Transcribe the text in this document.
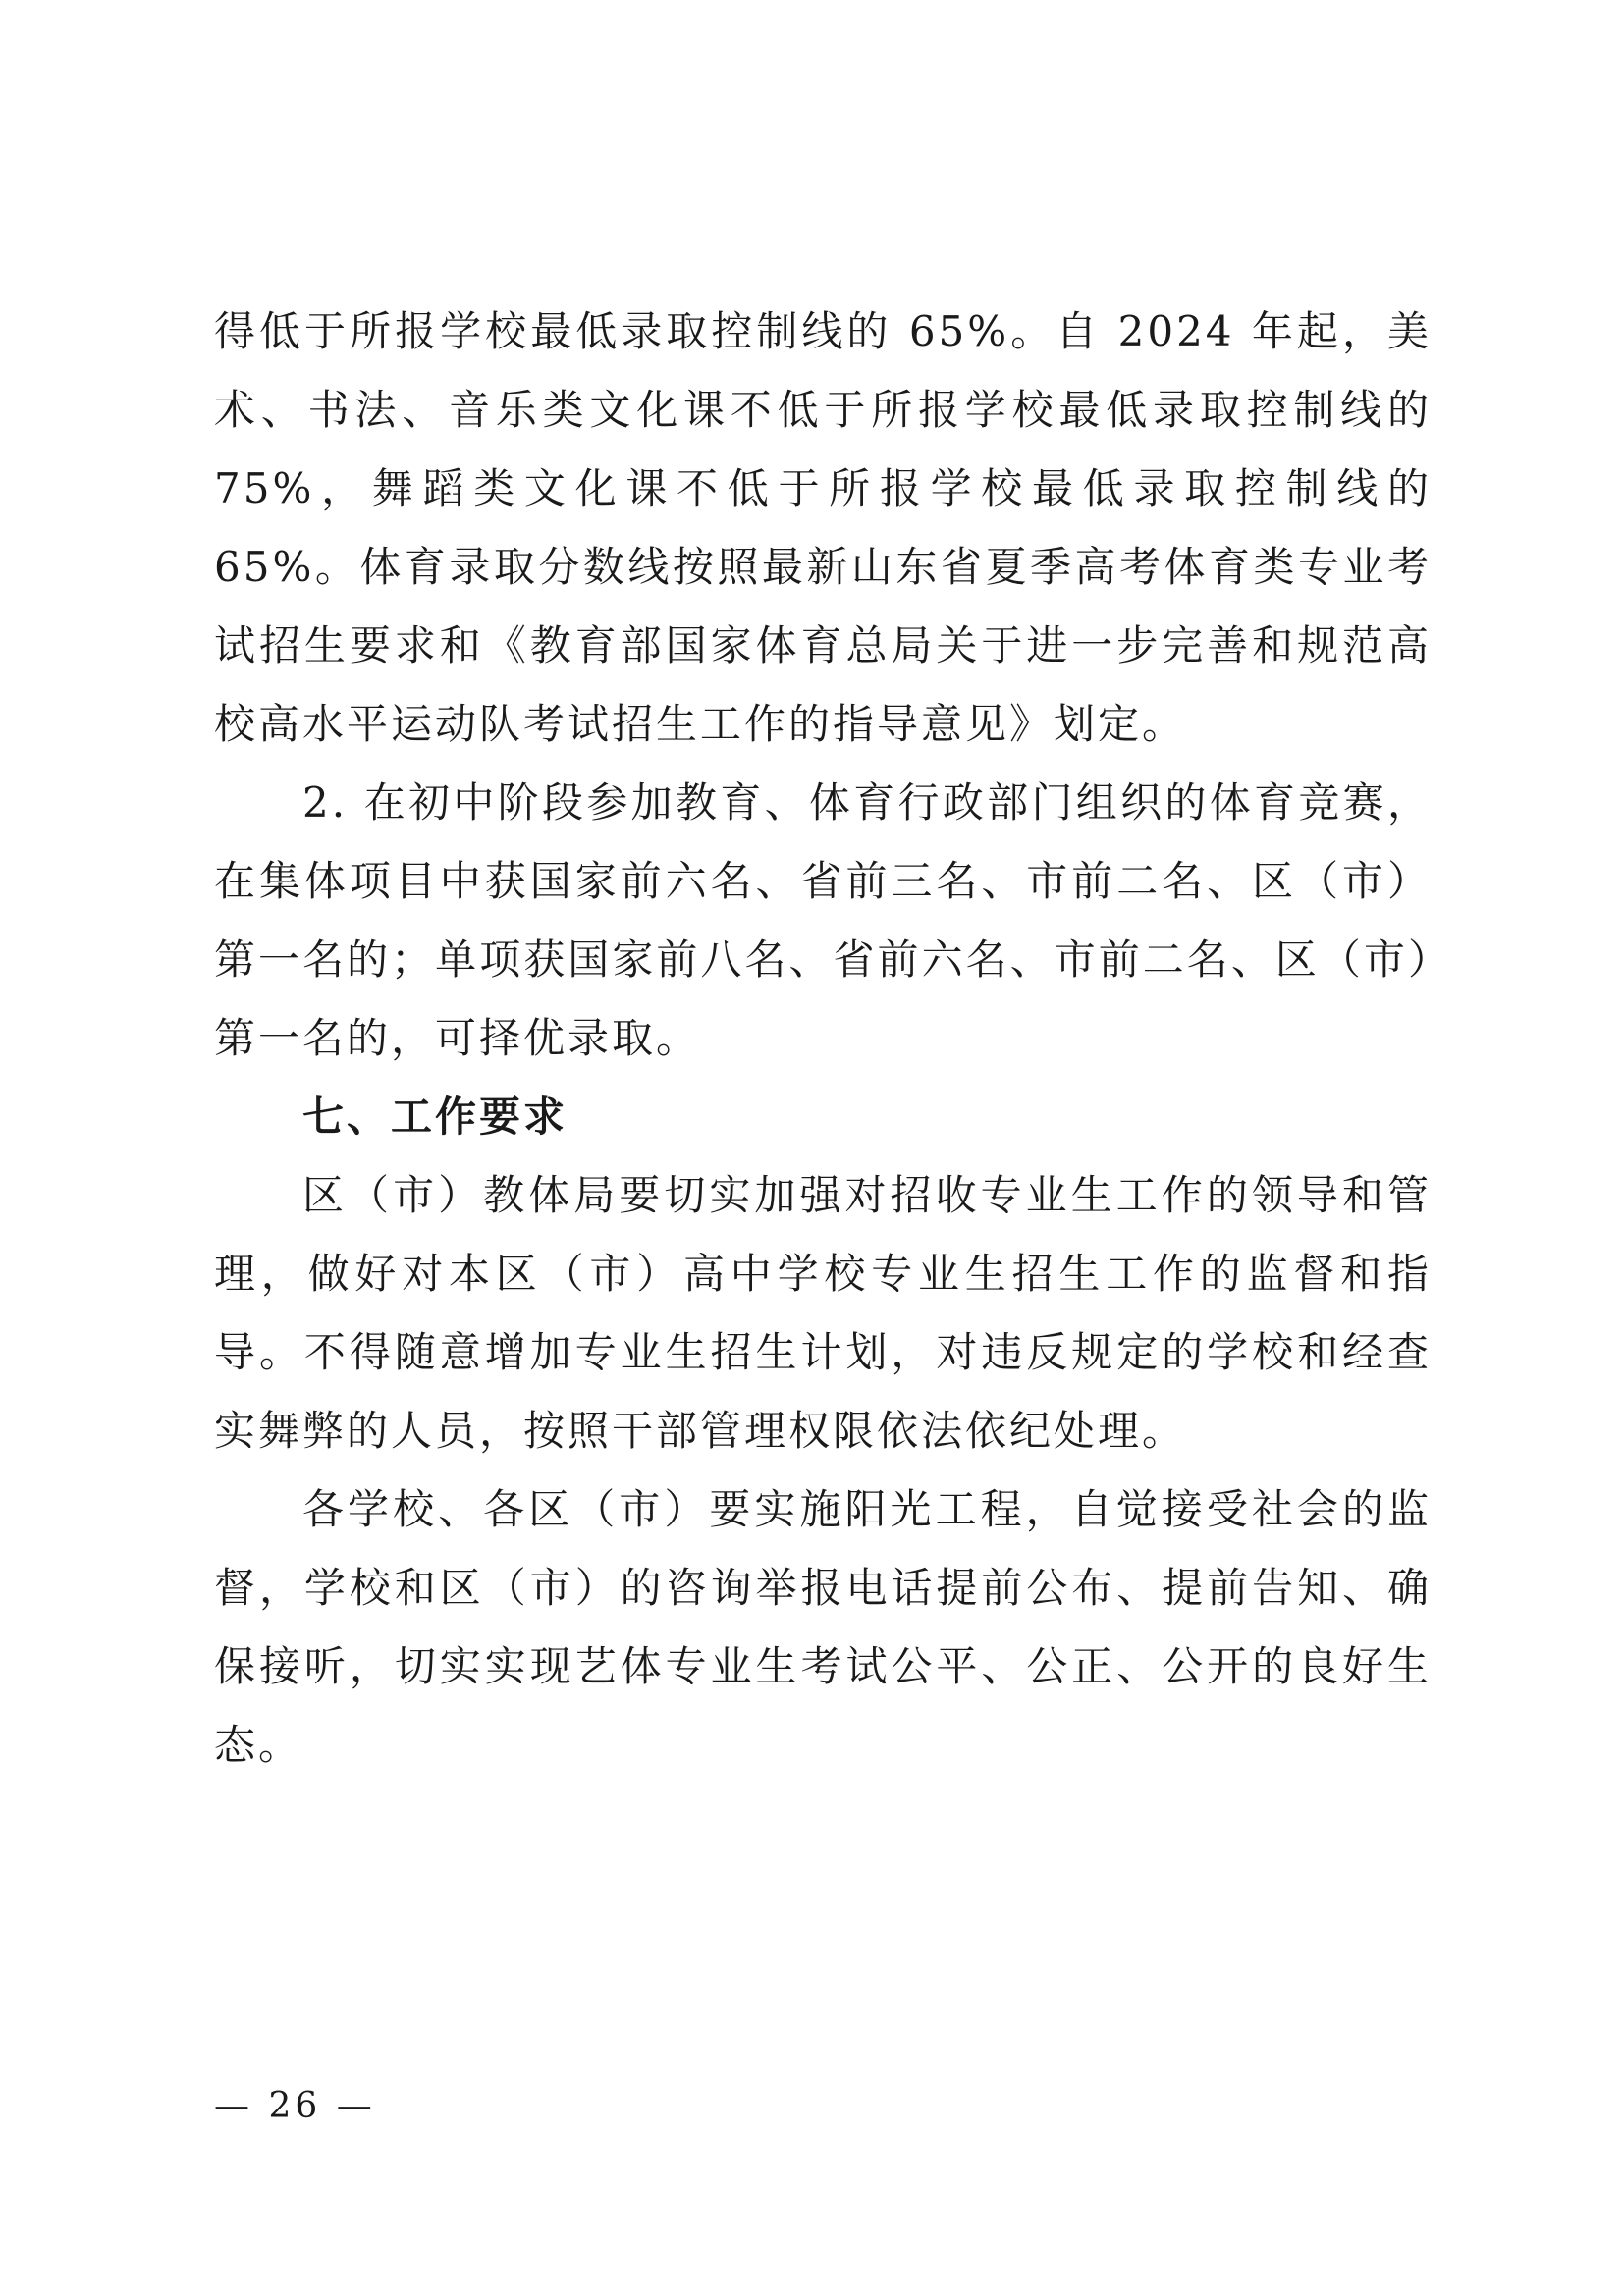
得低于所报学校最低录取控制线的 65%。自 2024 年起，美术、书法、音乐类文化课不低于所报学校最低录取控制线的 75%，舞蹈类文化课不低于所报学校最低录取控制线的 65%。体育录取分数线按照最新山东省夏季高考体育类专业考试招生要求和《教育部国家体育总局关于进一步完善和规范高校高水平运动队考试招生工作的指导意见》划定。

2. 在初中阶段参加教育、体育行政部门组织的体育竞赛，在集体项目中获国家前六名、省前三名、市前二名、区（市）第一名的；单项获国家前八名、省前六名、市前二名、区（市）第一名的，可择优录取。

七、工作要求

区（市）教体局要切实加强对招收专业生工作的领导和管理，做好对本区（市）高中学校专业生招生工作的监督和指导。不得随意增加专业生招生计划，对违反规定的学校和经查实舞弊的人员，按照干部管理权限依法依纪处理。

各学校、各区（市）要实施阳光工程，自觉接受社会的监督，学校和区（市）的咨询举报电话提前公布、提前告知、确保接听，切实实现艺体专业生考试公平、公正、公开的良好生态。

— 26 —
